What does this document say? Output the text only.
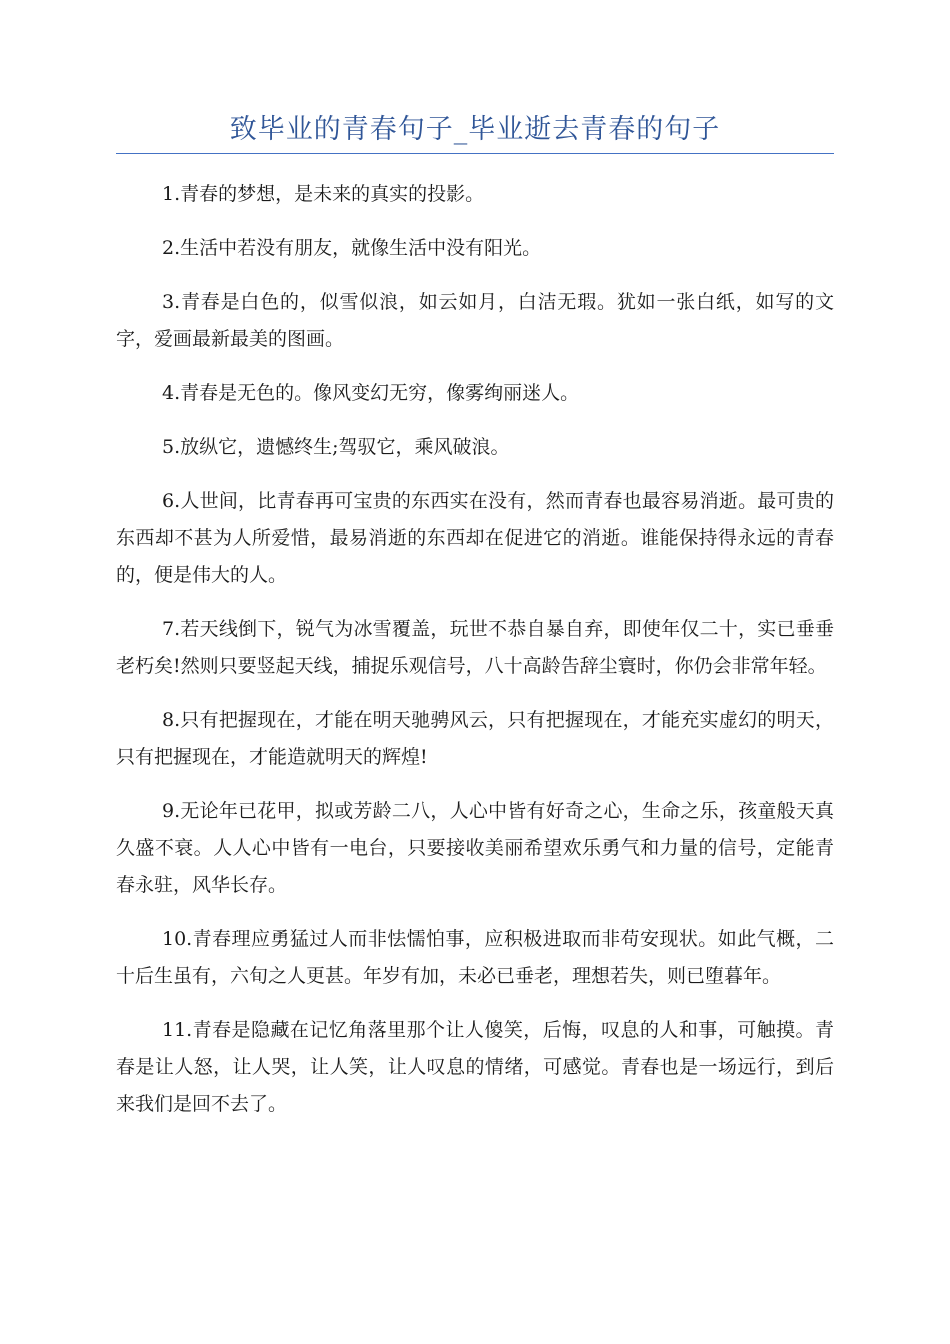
致毕业的青春句子_毕业逝去青春的句子

1.青春的梦想，是未来的真实的投影。

2.生活中若没有朋友，就像生活中没有阳光。

3.青春是白色的，似雪似浪，如云如月，白洁无瑕。犹如一张白纸，如写的文字，爱画最新最美的图画。

4.青春是无色的。像风变幻无穷，像雾绚丽迷人。

5.放纵它，遗憾终生;驾驭它，乘风破浪。

6.人世间，比青春再可宝贵的东西实在没有，然而青春也最容易消逝。最可贵的东西却不甚为人所爱惜，最易消逝的东西却在促进它的消逝。谁能保持得永远的青春的，便是伟大的人。

7.若天线倒下，锐气为冰雪覆盖，玩世不恭自暴自弃，即使年仅二十，实已垂垂老朽矣!然则只要竖起天线，捕捉乐观信号，八十高龄告辞尘寰时，你仍会非常年轻。

8.只有把握现在，才能在明天驰骋风云，只有把握现在，才能充实虚幻的明天，只有把握现在，才能造就明天的辉煌!

9.无论年已花甲，拟或芳龄二八，人心中皆有好奇之心，生命之乐，孩童般天真久盛不衰。人人心中皆有一电台，只要接收美丽希望欢乐勇气和力量的信号，定能青春永驻，风华长存。

10.青春理应勇猛过人而非怯懦怕事，应积极进取而非苟安现状。如此气概，二十后生虽有，六旬之人更甚。年岁有加，未必已垂老，理想若失，则已堕暮年。

11.青春是隐藏在记忆角落里那个让人傻笑，后悔，叹息的人和事，可触摸。青春是让人怒，让人哭，让人笑，让人叹息的情绪，可感觉。青春也是一场远行，到后来我们是回不去了。
